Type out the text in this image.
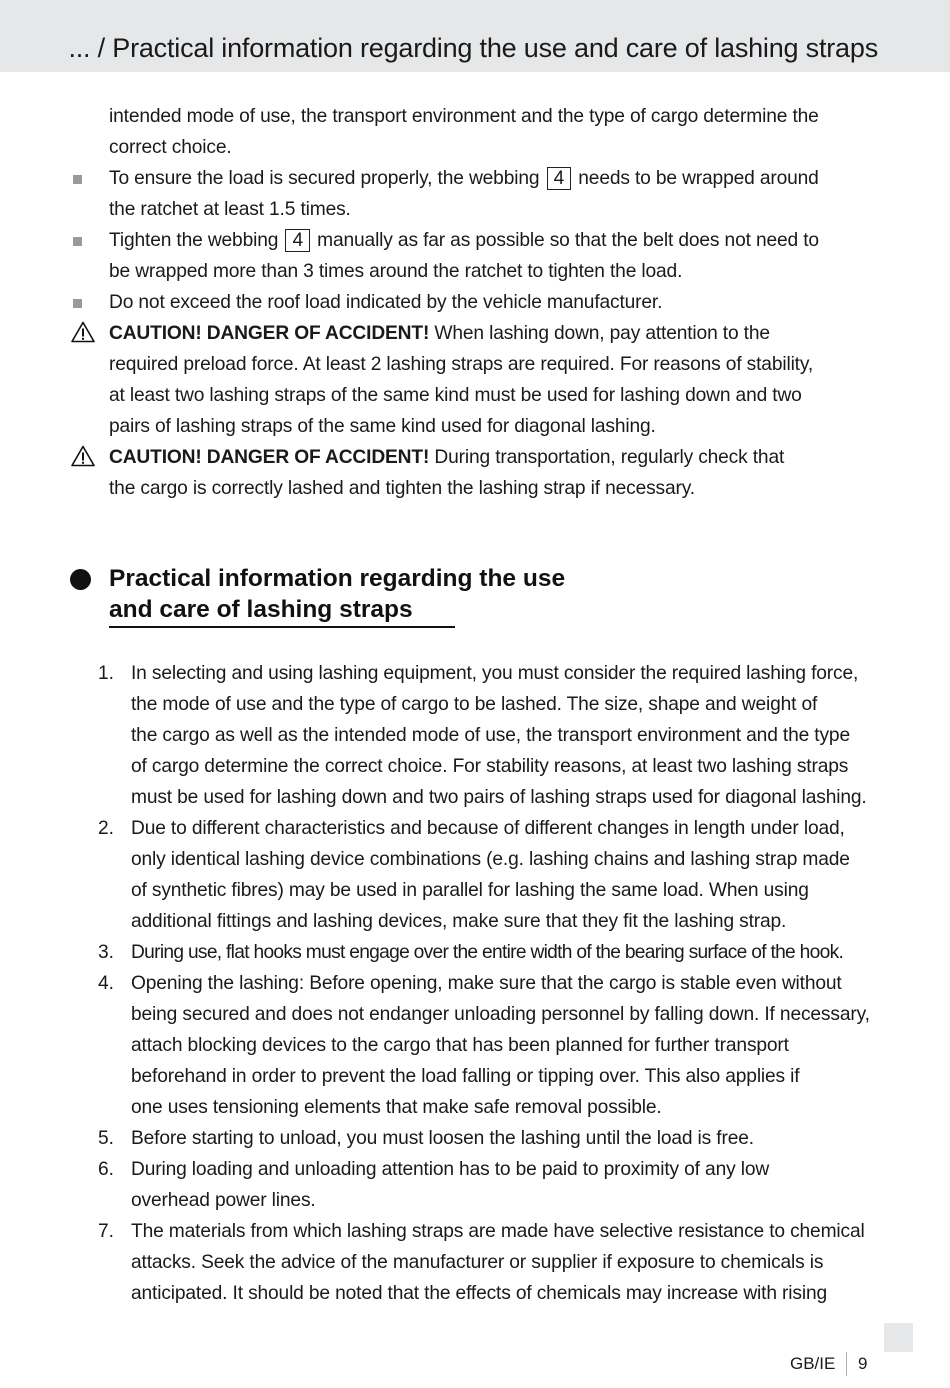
... / Practical information regarding the use and care of lashing straps
intended mode of use, the transport environment and the type of cargo determine the
correct choice.
To ensure the load is secured properly, the webbing 4 needs to be wrapped around
the ratchet at least 1.5 times.
Tighten the webbing 4 manually as far as possible so that the belt does not need to
be wrapped more than 3 times around the ratchet to tighten the load.
Do not exceed the roof load indicated by the vehicle manufacturer.
CAUTION! DANGER OF ACCIDENT! When lashing down, pay attention to the
required preload force. At least 2 lashing straps are required. For reasons of stability,
at least two lashing straps of the same kind must be used for lashing down and two
pairs of lashing straps of the same kind used for diagonal lashing.
CAUTION! DANGER OF ACCIDENT! During transportation, regularly check that
the cargo is correctly lashed and tighten the lashing strap if necessary.
Practical information regarding the use
and care of lashing straps
1. In selecting and using lashing equipment, you must consider the required lashing force,
the mode of use and the type of cargo to be lashed. The size, shape and weight of
the cargo as well as the intended mode of use, the transport environment and the type
of cargo determine the correct choice. For stability reasons, at least two lashing straps
must be used for lashing down and two pairs of lashing straps used for diagonal lashing.
2. Due to different characteristics and because of different changes in length under load,
only identical lashing device combinations (e.g. lashing chains and lashing strap made
of synthetic fibres) may be used in parallel for lashing the same load. When using
additional fittings and lashing devices, make sure that they fit the lashing strap.
3. During use, flat hooks must engage over the entire width of the bearing surface of the hook.
4. Opening the lashing: Before opening, make sure that the cargo is stable even without
being secured and does not endanger unloading personnel by falling down. If necessary,
attach blocking devices to the cargo that has been planned for further transport
beforehand in order to prevent the load falling or tipping over. This also applies if
one uses tensioning elements that make safe removal possible.
5. Before starting to unload, you must loosen the lashing until the load is free.
6. During loading and unloading attention has to be paid to proximity of any low
overhead power lines.
7. The materials from which lashing straps are made have selective resistance to chemical
attacks. Seek the advice of the manufacturer or supplier if exposure to chemicals is
anticipated. It should be noted that the effects of chemicals may increase with rising
GB/IE 9
